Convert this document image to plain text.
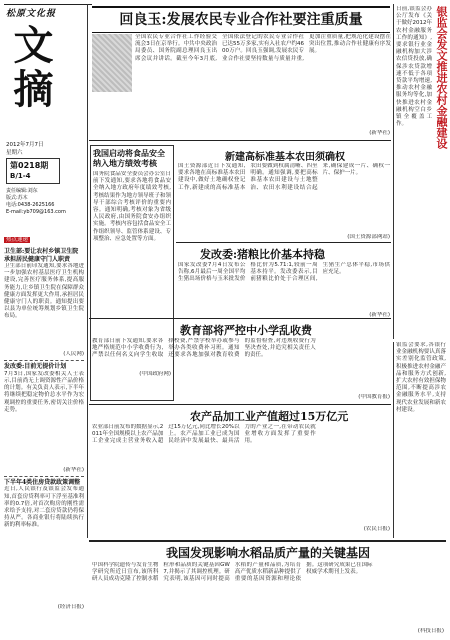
松原文化报
文摘
2012年7月7日
星期六
第0218期
B/1-4
责任编辑:刘东
版式:苏木
电话:0438-2625166
E-mail:yb709@163.com
热点速递
卫生部:要让农村乡镇卫生院承担居民健康守门人职责
卫生部日前印发通知,要求各地进一步加强农村基层医疗卫生机构建设,完善医疗服务体系,提高服务能力,让乡镇卫生院在保障群众健康方面发挥更大作用,承担居民健康守门人的职责。通知提出要以县为单位统筹规划乡镇卫生院布局。
(人民网)
发改委:目前无提价计划
7月3日,国家发改委相关人士表示,目前尚无上调资源性产品价格的计划。有关负责人表示,下半年将继续把稳定物价总水平作为宏观调控的重要任务,密切关注价格走势。
(新华社)
下半年4类住房贷款政策调整
近日,人民银行及银监会发布通知,首套房贷利率可下浮至基准利率的0.7倍,对首次购房的刚性需求给予支持,对二套房贷款仍将保持从严。各商业银行将陆续执行新的利率标准。
(经济日报)
回良玉:发展农民专业合作社要注重质量
全国农民专业合作社工作经验交流会3日在京举行。中共中央政治局委员、国务院副总理回良玉出席会议并讲话。截至今年3月底,全国依法登记的农民专业合作社已达55万多家,实有入社农户约4600万户。回良玉强调,发展农民专业合作社要坚持数量与质量并重,更加注重质量,把规范化建设摆在突出位置,推动合作社健康有序发展。
(新华社)
日前,银监会办公厅发布《关于做好2012年农村金融服务工作的通知》,要求银行业金融机构加大涉农信贷投放,确保涉农贷款增速不低于各项贷款平均增速,推动农村金融服务均等化,加快推进农村金融机构空白乡镇全覆盖工作。	银监会发文推进农村金融建设
我国启动将食品安全纳入地方绩效考核
国务院食品安全委员会办公室日前下发通知,要求各地将食品安全纳入地方政府年度绩效考核,考核结果作为地方领导班子和领导干部综合考核评价的重要内容。通知明确,考核对象为省级人民政府,由国务院食安办组织实施。考核内容包括食品安全工作组织领导、监管体系建设、专项整治、应急处置等方面。
(中国政府网)
新建高标准基本农田须确权
国土资源部近日下发通知,要求各地在高标准基本农田建设中,做好土地确权登记工作,新建成的高标准基本农田要做到权属清晰、四至明确。通知强调,要把高标准基本农田建设与土地整治、农田水利建设结合起来,确保建成一片、确权一片、保护一片。
(国土资源部网站)
发改委:猪粮比价基本持稳
国家发改委7月4日发布公告称,6月最后一周全国平均生猪出场价格与玉米批发价格比价为5.71:1,较前一周基本持平。发改委表示,目前猪粮比价处于合理区间,生猪生产总体平稳,市场供应充足。
(新华社)
教育部将严控中小学乱收费
教育部日前下发通知,要求各地严格规范中小学收费行为,严禁以任何名义向学生收取择校费,严禁学校举办或参与举办各类收费补习班。通知还要求各地加强对教育收费的监督检查,对违规收费行为坚决查处,并追究相关责任人的责任。
(中国教育报)
银监会要求,各银行业金融机构要认真落实差别化监管政策,积极推进农村金融产品和服务方式创新,扩大农村有效担保物范围,不断提高涉农金融服务水平,支持现代农业发展和新农村建设。
农产品加工业产值超过15万亿元
农业部日前发布的数据显示,2011年全国规模以上农产品加工企业完成主营业务收入超过15万亿元,同比增长20%以上。农产品加工业已成为国民经济中发展最快、最具活力的产业之一,在带动农民就业增收方面发挥了重要作用。
(农民日报)
我国发现影响水稻品质产量的关键基因
中国科学院遗传与发育生物学研究所近日宣布,该所科研人员成功克隆了控制水稻粒形和品质的关键基因GW7,并揭示了其调控机理。研究表明,该基因可同时提高水稻的产量和品质,为培育高产优质水稻新品种提供了重要的基因资源和理论依据。这项研究成果已在国际权威学术期刊上发表。
(科技日报)
